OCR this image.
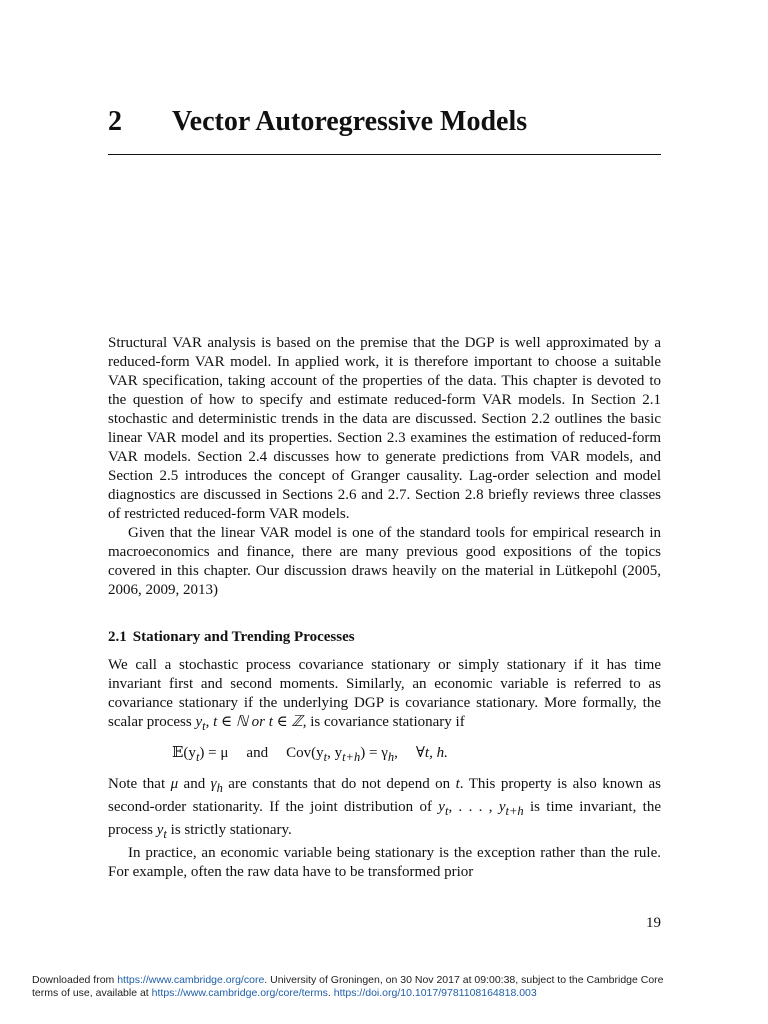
2 Vector Autoregressive Models

Structural VAR analysis is based on the premise that the DGP is well approximated by a reduced-form VAR model. In applied work, it is therefore important to choose a suitable VAR specification, taking account of the properties of the data. This chapter is devoted to the question of how to specify and estimate reduced-form VAR models. In Section 2.1 stochastic and deterministic trends in the data are discussed. Section 2.2 outlines the basic linear VAR model and its properties. Section 2.3 examines the estimation of reduced-form VAR models. Section 2.4 discusses how to generate predictions from VAR models, and Section 2.5 introduces the concept of Granger causality. Lag-order selection and model diagnostics are discussed in Sections 2.6 and 2.7. Section 2.8 briefly reviews three classes of restricted reduced-form VAR models.

Given that the linear VAR model is one of the standard tools for empirical research in macroeconomics and finance, there are many previous good expositions of the topics covered in this chapter. Our discussion draws heavily on the material in Lütkepohl (2005, 2006, 2009, 2013)

2.1 Stationary and Trending Processes

We call a stochastic process covariance stationary or simply stationary if it has time invariant first and second moments. Similarly, an economic variable is referred to as covariance stationary if the underlying DGP is covariance stationary. More formally, the scalar process $y_t$, t ∈ ℕ or t ∈ ℤ, is covariance stationary if

$𝔼(y_t) = \mu$ and $Cov(y_t$, $y_{t+h}) = \gamma_h$, ∀t, h.

Note that μ and $\gamma_h$ are constants that do not depend on t. This property is also known as second-order stationarity. If the joint distribution of $y_t$, . . . , $y_{t+h}$ is time invariant, the process $y_t$ is strictly stationary.

In practice, an economic variable being stationary is the exception rather than the rule. For example, often the raw data have to be transformed prior

19
Downloaded from https://www.cambridge.org/core. University of Groningen, on 30 Nov 2017 at 09:00:38, subject to the Cambridge Core
terms of use, available at https://www.cambridge.org/core/terms. https://doi.org/10.1017/9781108164818.003
